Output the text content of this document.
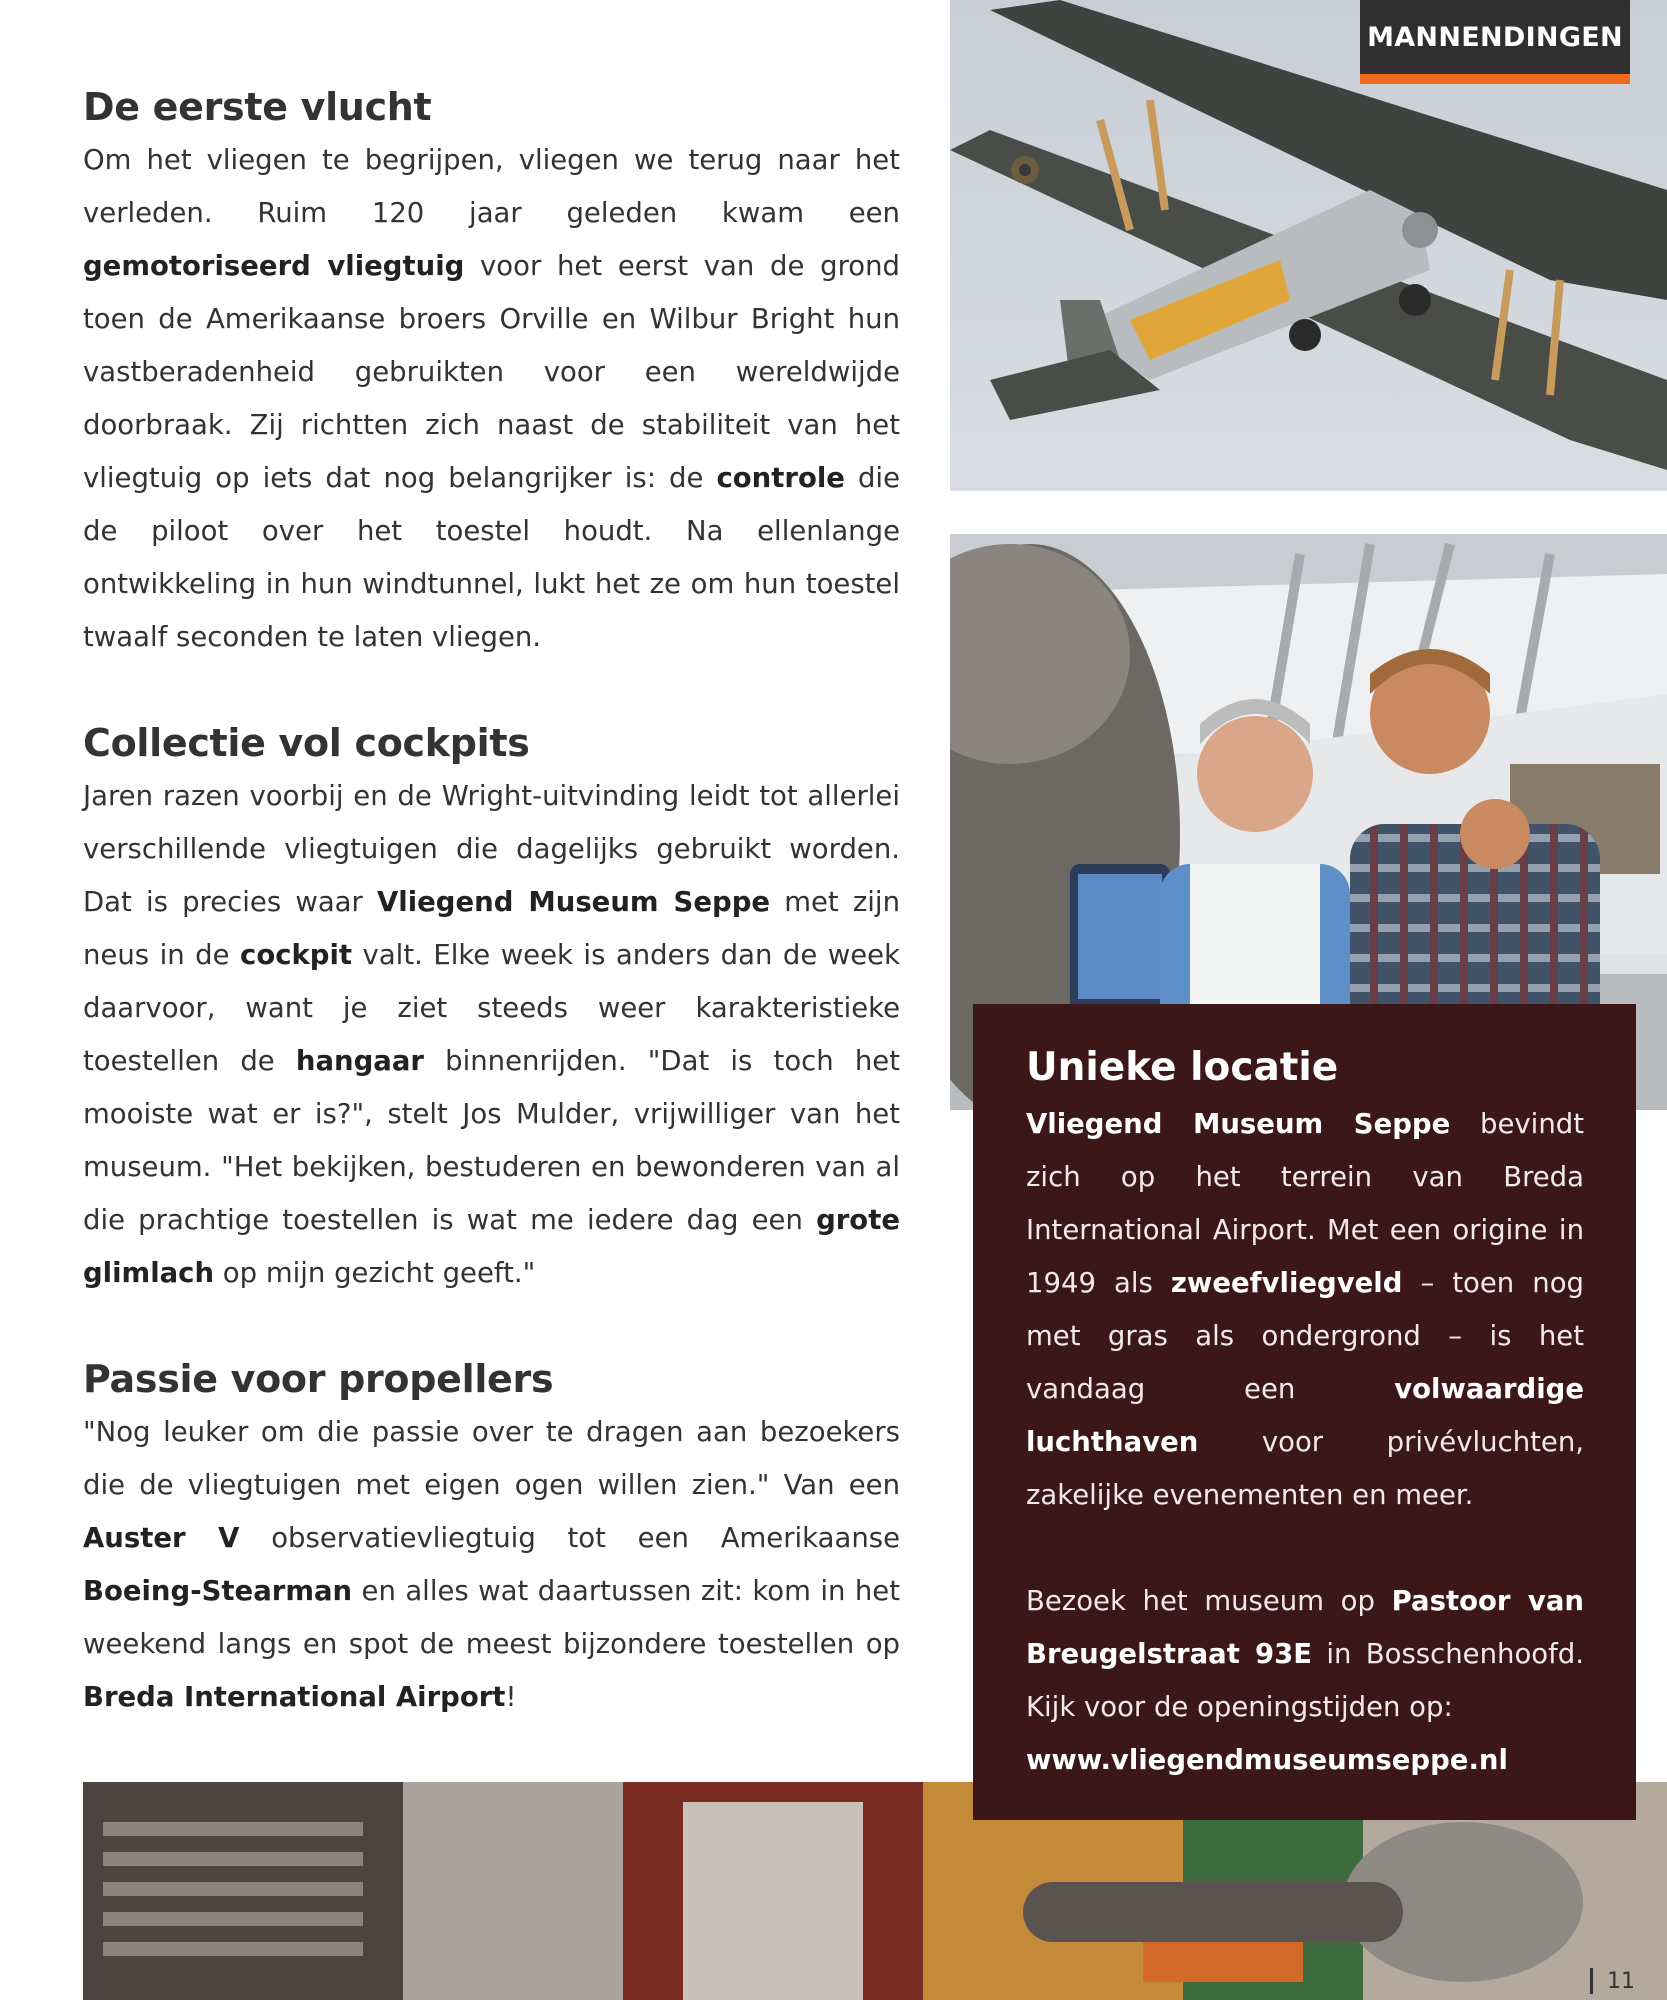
MANNENDINGEN
De eerste vlucht

Om het vliegen te begrijpen, vliegen we terug naar het verleden. Ruim 120 jaar geleden kwam een gemotoriseerd vliegtuig voor het eerst van de grond toen de Amerikaanse broers Orville en Wilbur Bright hun vastberadenheid gebruikten voor een wereldwijde doorbraak. Zij richtten zich naast de stabiliteit van het vliegtuig op iets dat nog belangrijker is: de controle die de piloot over het toestel houdt. Na ellenlange ontwikkeling in hun windtunnel, lukt het ze om hun toestel twaalf seconden te laten vliegen.

Collectie vol cockpits

Jaren razen voorbij en de Wright-uitvinding leidt tot allerlei verschillende vliegtuigen die dagelijks gebruikt worden. Dat is precies waar Vliegend Museum Seppe met zijn neus in de cockpit valt. Elke week is anders dan de week daarvoor, want je ziet steeds weer karakteristieke toestellen de hangaar binnenrijden. "Dat is toch het mooiste wat er is?", stelt Jos Mulder, vrijwilliger van het museum. "Het bekijken, bestuderen en bewonderen van al die prachtige toestellen is wat me iedere dag een grote glimlach op mijn gezicht geeft."

Passie voor propellers

"Nog leuker om die passie over te dragen aan bezoekers die de vliegtuigen met eigen ogen willen zien." Van een Auster V observatievliegtuig tot een Amerikaanse Boeing-Stearman en alles wat daartussen zit: kom in het weekend langs en spot de meest bijzondere toestellen op Breda International Airport!

Unieke locatie

Vliegend Museum Seppe bevindt zich op het terrein van Breda International Airport. Met een origine in 1949 als zweefvliegveld – toen nog met gras als ondergrond – is het vandaag een volwaardige luchthaven voor privévluchten, zakelijke evenementen en meer.

Bezoek het museum op Pastoor van Breugelstraat 93E in Bosschenhoofd. Kijk voor de openingstijden op:
www.vliegendmuseumseppe.nl

11
